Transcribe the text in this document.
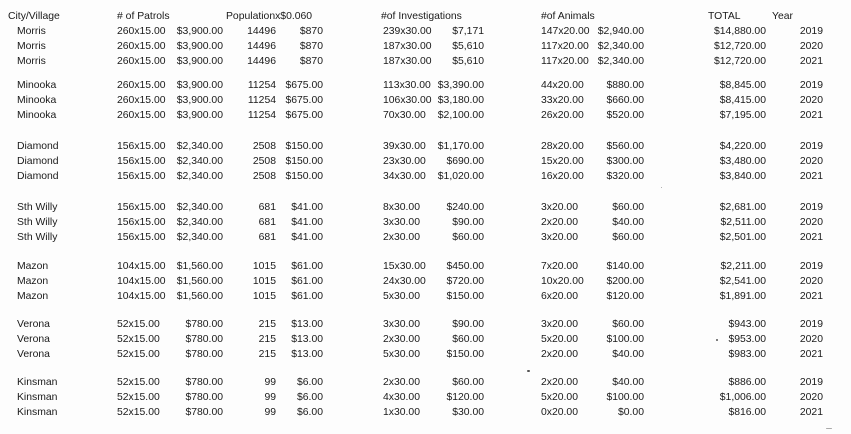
City/Village	# of Patrols	Populationx$0.060	#of Investigations	#of Animals	TOTAL	Year
Morris	260x15.00	$3,900.00	14496	$870	239x30.00	$7,171	147x20.00 $2,940.00	$14,880.00	2019
Morris	260x15.00	$3,900.00	14496	$870	187x30.00	$5,610	117x20.00 $2,340.00	$12,720.00	2020
Morris	260x15.00	$3,900.00	14496	$870	187x30.00	$5,610	117x20.00 $2,340.00	$12,720.00	2021
Minooka	260x15.00	$3,900.00	11254 $675.00	113x30.00 $3,390.00	44x20.00	$880.00	$8,845.00	2019
Minooka	260x15.00	$3,900.00	11254 $675.00	106x30.00 $3,180.00	33x20.00	$660.00	$8,415.00	2020
Minooka	260x15.00	$3,900.00	11254 $675.00	70x30.00	$2,100.00	26x20.00	$520.00	$7,195.00	2021
Diamond	156x15.00	$2,340.00	2508 $150.00	39x30.00	$1,170.00	28x20.00	$560.00	$4,220.00	2019
Diamond	156x15.00	$2,340.00	2508 $150.00	23x30.00	$690.00	15x20.00	$300.00	$3,480.00	2020
Diamond	156x15.00	$2,340.00	2508 $150.00	34x30.00	$1,020.00	16x20.00	$320.00	$3,840.00	2021
Sth Willy	156x15.00	$2,340.00	681	$41.00	8x30.00	$240.00	3x20.00	$60.00	$2,681.00	2019
Sth Willy	156x15.00	$2,340.00	681	$41.00	3x30.00	$90.00	2x20.00	$40.00	$2,511.00	2020
Sth Willy	156x15.00	$2,340.00	681	$41.00	2x30.00	$60.00	3x20.00	$60.00	$2,501.00	2021
Mazon	104x15.00	$1,560.00	1015	$61.00	15x30.00	$450.00	7x20.00	$140.00	$2,211.00	2019
Mazon	104x15.00	$1,560.00	1015	$61.00	24x30.00	$720.00	10x20.00	$200.00	$2,541.00	2020
Mazon	104x15.00	$1,560.00	1015	$61.00	5x30.00	$150.00	6x20.00	$120.00	$1,891.00	2021
Verona	52x15.00	$780.00	215	$13.00	3x30.00	$90.00	3x20.00	$60.00	$943.00	2019
Verona	52x15.00	$780.00	215	$13.00	2x30.00	$60.00	5x20.00	$100.00	$953.00	2020
Verona	52x15.00	$780.00	215	$13.00	5x30.00	$150.00	2x20.00	$40.00	$983.00	2021
Kinsman	52x15.00	$780.00	99	$6.00	2x30.00	$60.00	2x20.00	$40.00	$886.00	2019
Kinsman	52x15.00	$780.00	99	$6.00	4x30.00	$120.00	5x20.00	$100.00	$1,006.00	2020
Kinsman	52x15.00	$780.00	99	$6.00	1x30.00	$30.00	0x20.00	$0.00	$816.00	2021
